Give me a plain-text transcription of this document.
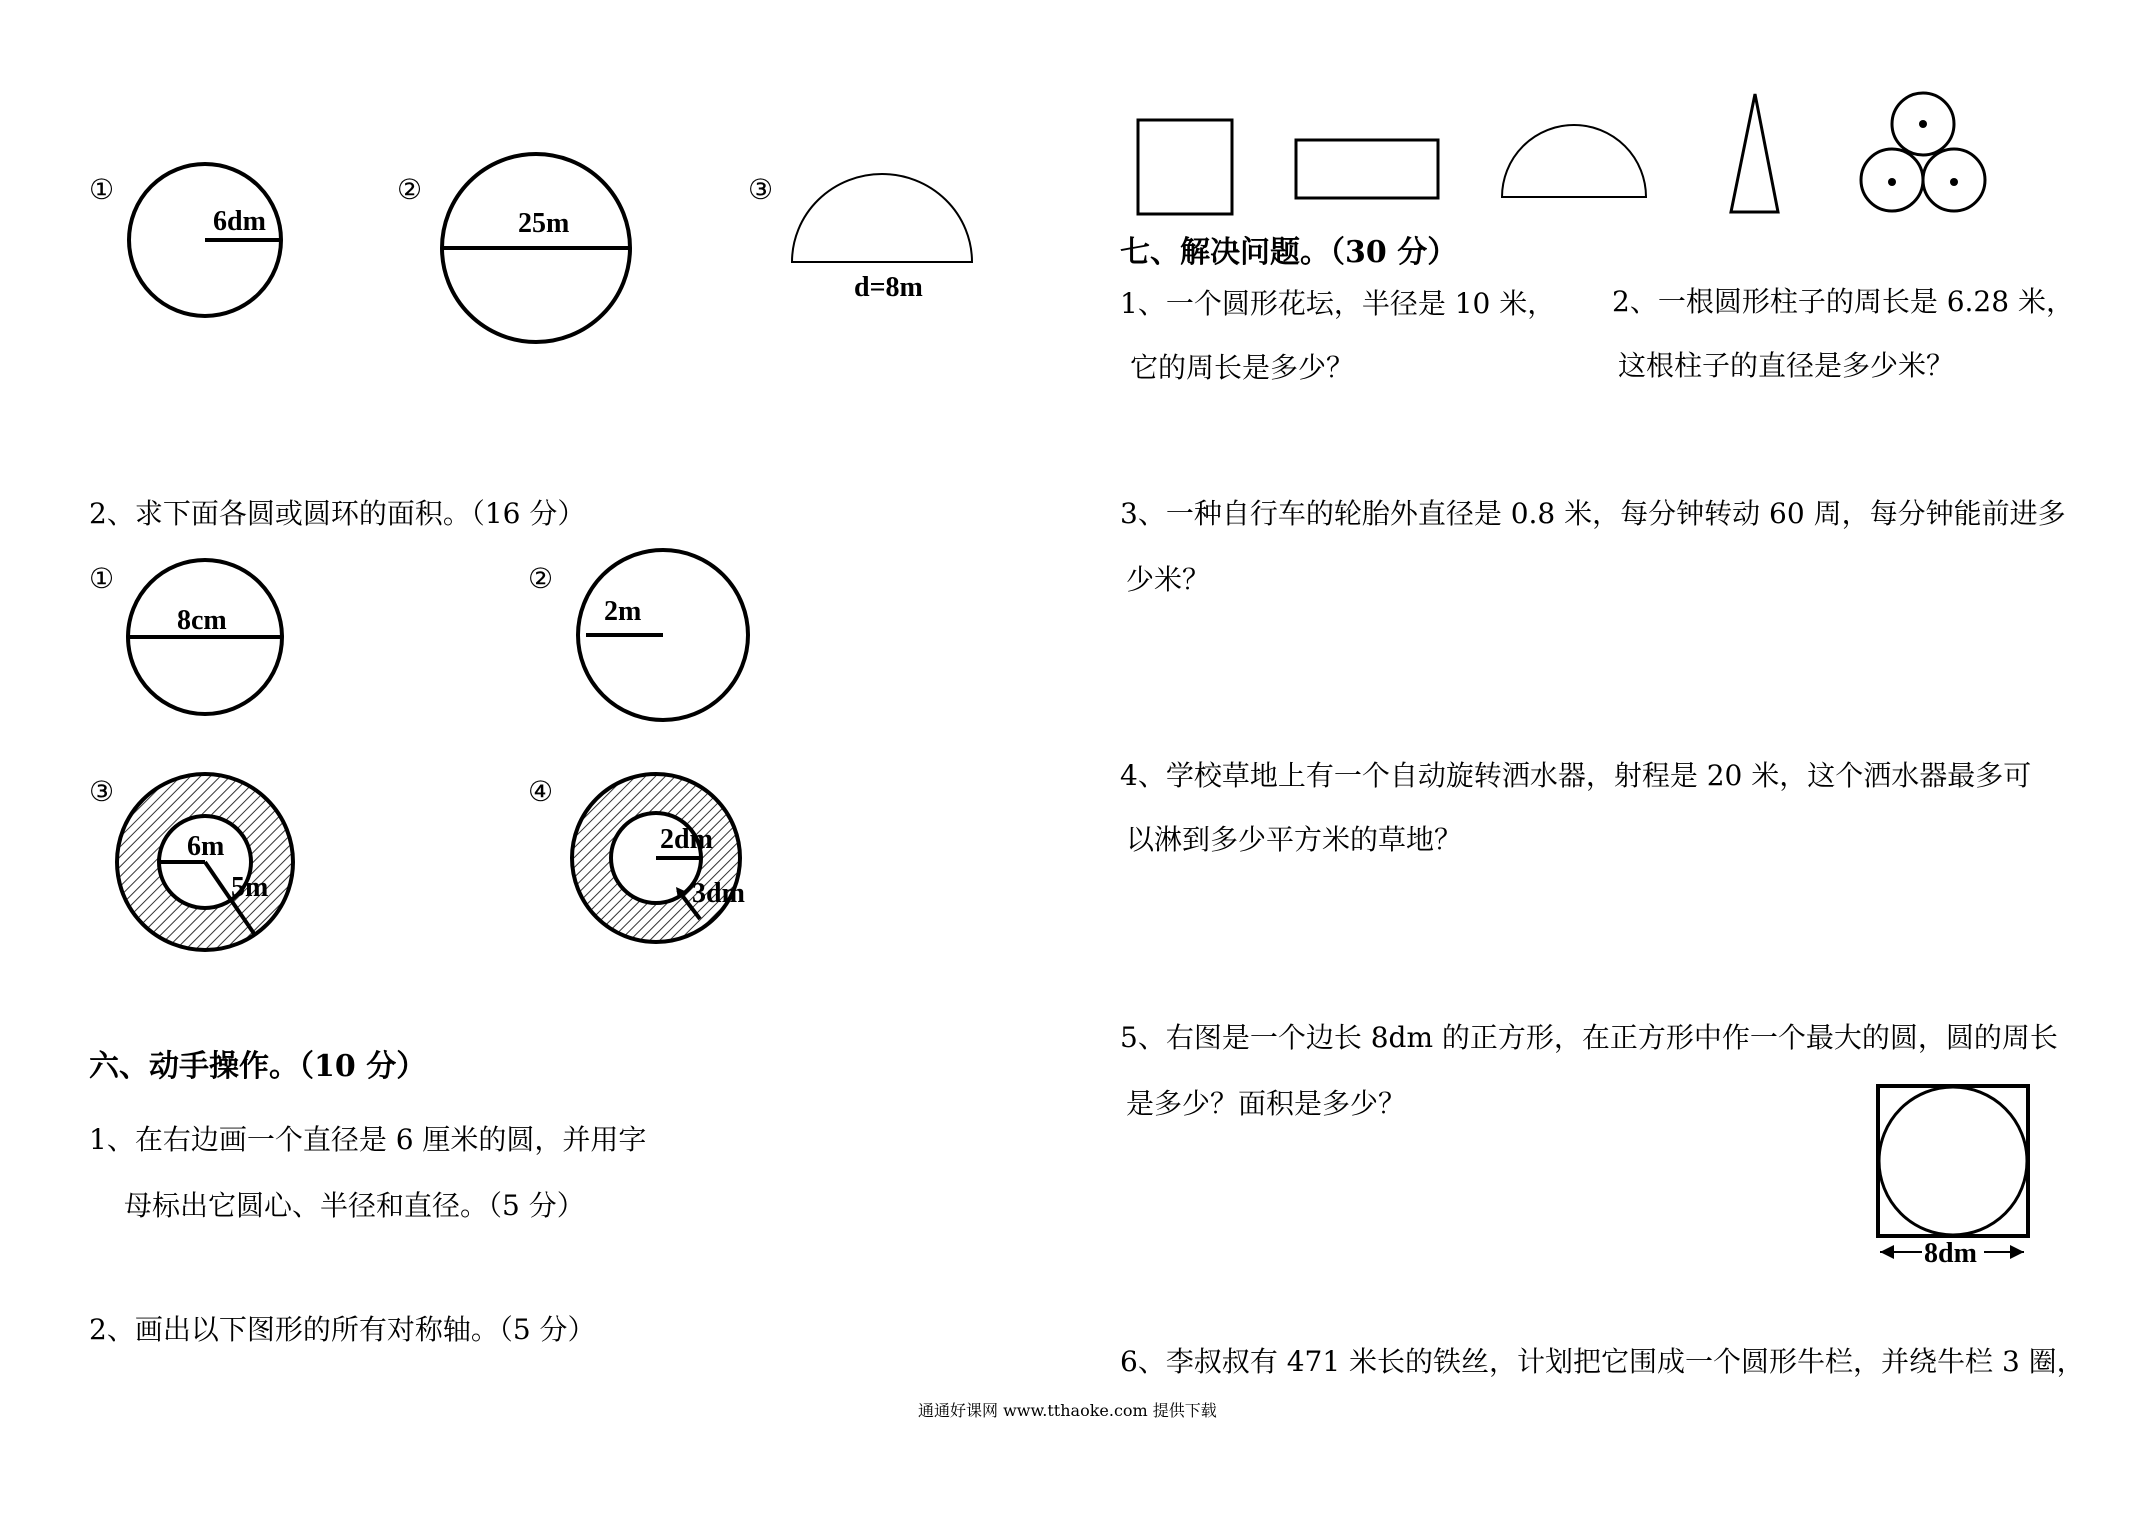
①
6dm
②
25m
③
d=8m
2、求下面各圆或圆环的面积。（16 分）
①
8cm
②
2m
③
6m
5m
④
2dm
3dm
六、动手操作。（10 分）
1、在右边画一个直径是 6 厘米的圆，并用字
母标出它圆心、半径和直径。（5 分）
2、画出以下图形的所有对称轴。（5 分）
七、解决问题。（30 分）
1、一个圆形花坛，半径是 10 米，
它的周长是多少？
2、一根圆形柱子的周长是 6.28 米，
这根柱子的直径是多少米？
3、一种自行车的轮胎外直径是 0.8 米，每分钟转动 60 周，每分钟能前进多
少米？
4、学校草地上有一个自动旋转洒水器，射程是 20 米，这个洒水器最多可
以淋到多少平方米的草地？
5、右图是一个边长 8dm 的正方形，在正方形中作一个最大的圆，圆的周长
是多少？面积是多少？
8dm
6、李叔叔有 471 米长的铁丝，计划把它围成一个圆形牛栏，并绕牛栏 3 圈，
通通好课网 www.tthaoke.com 提供下载
